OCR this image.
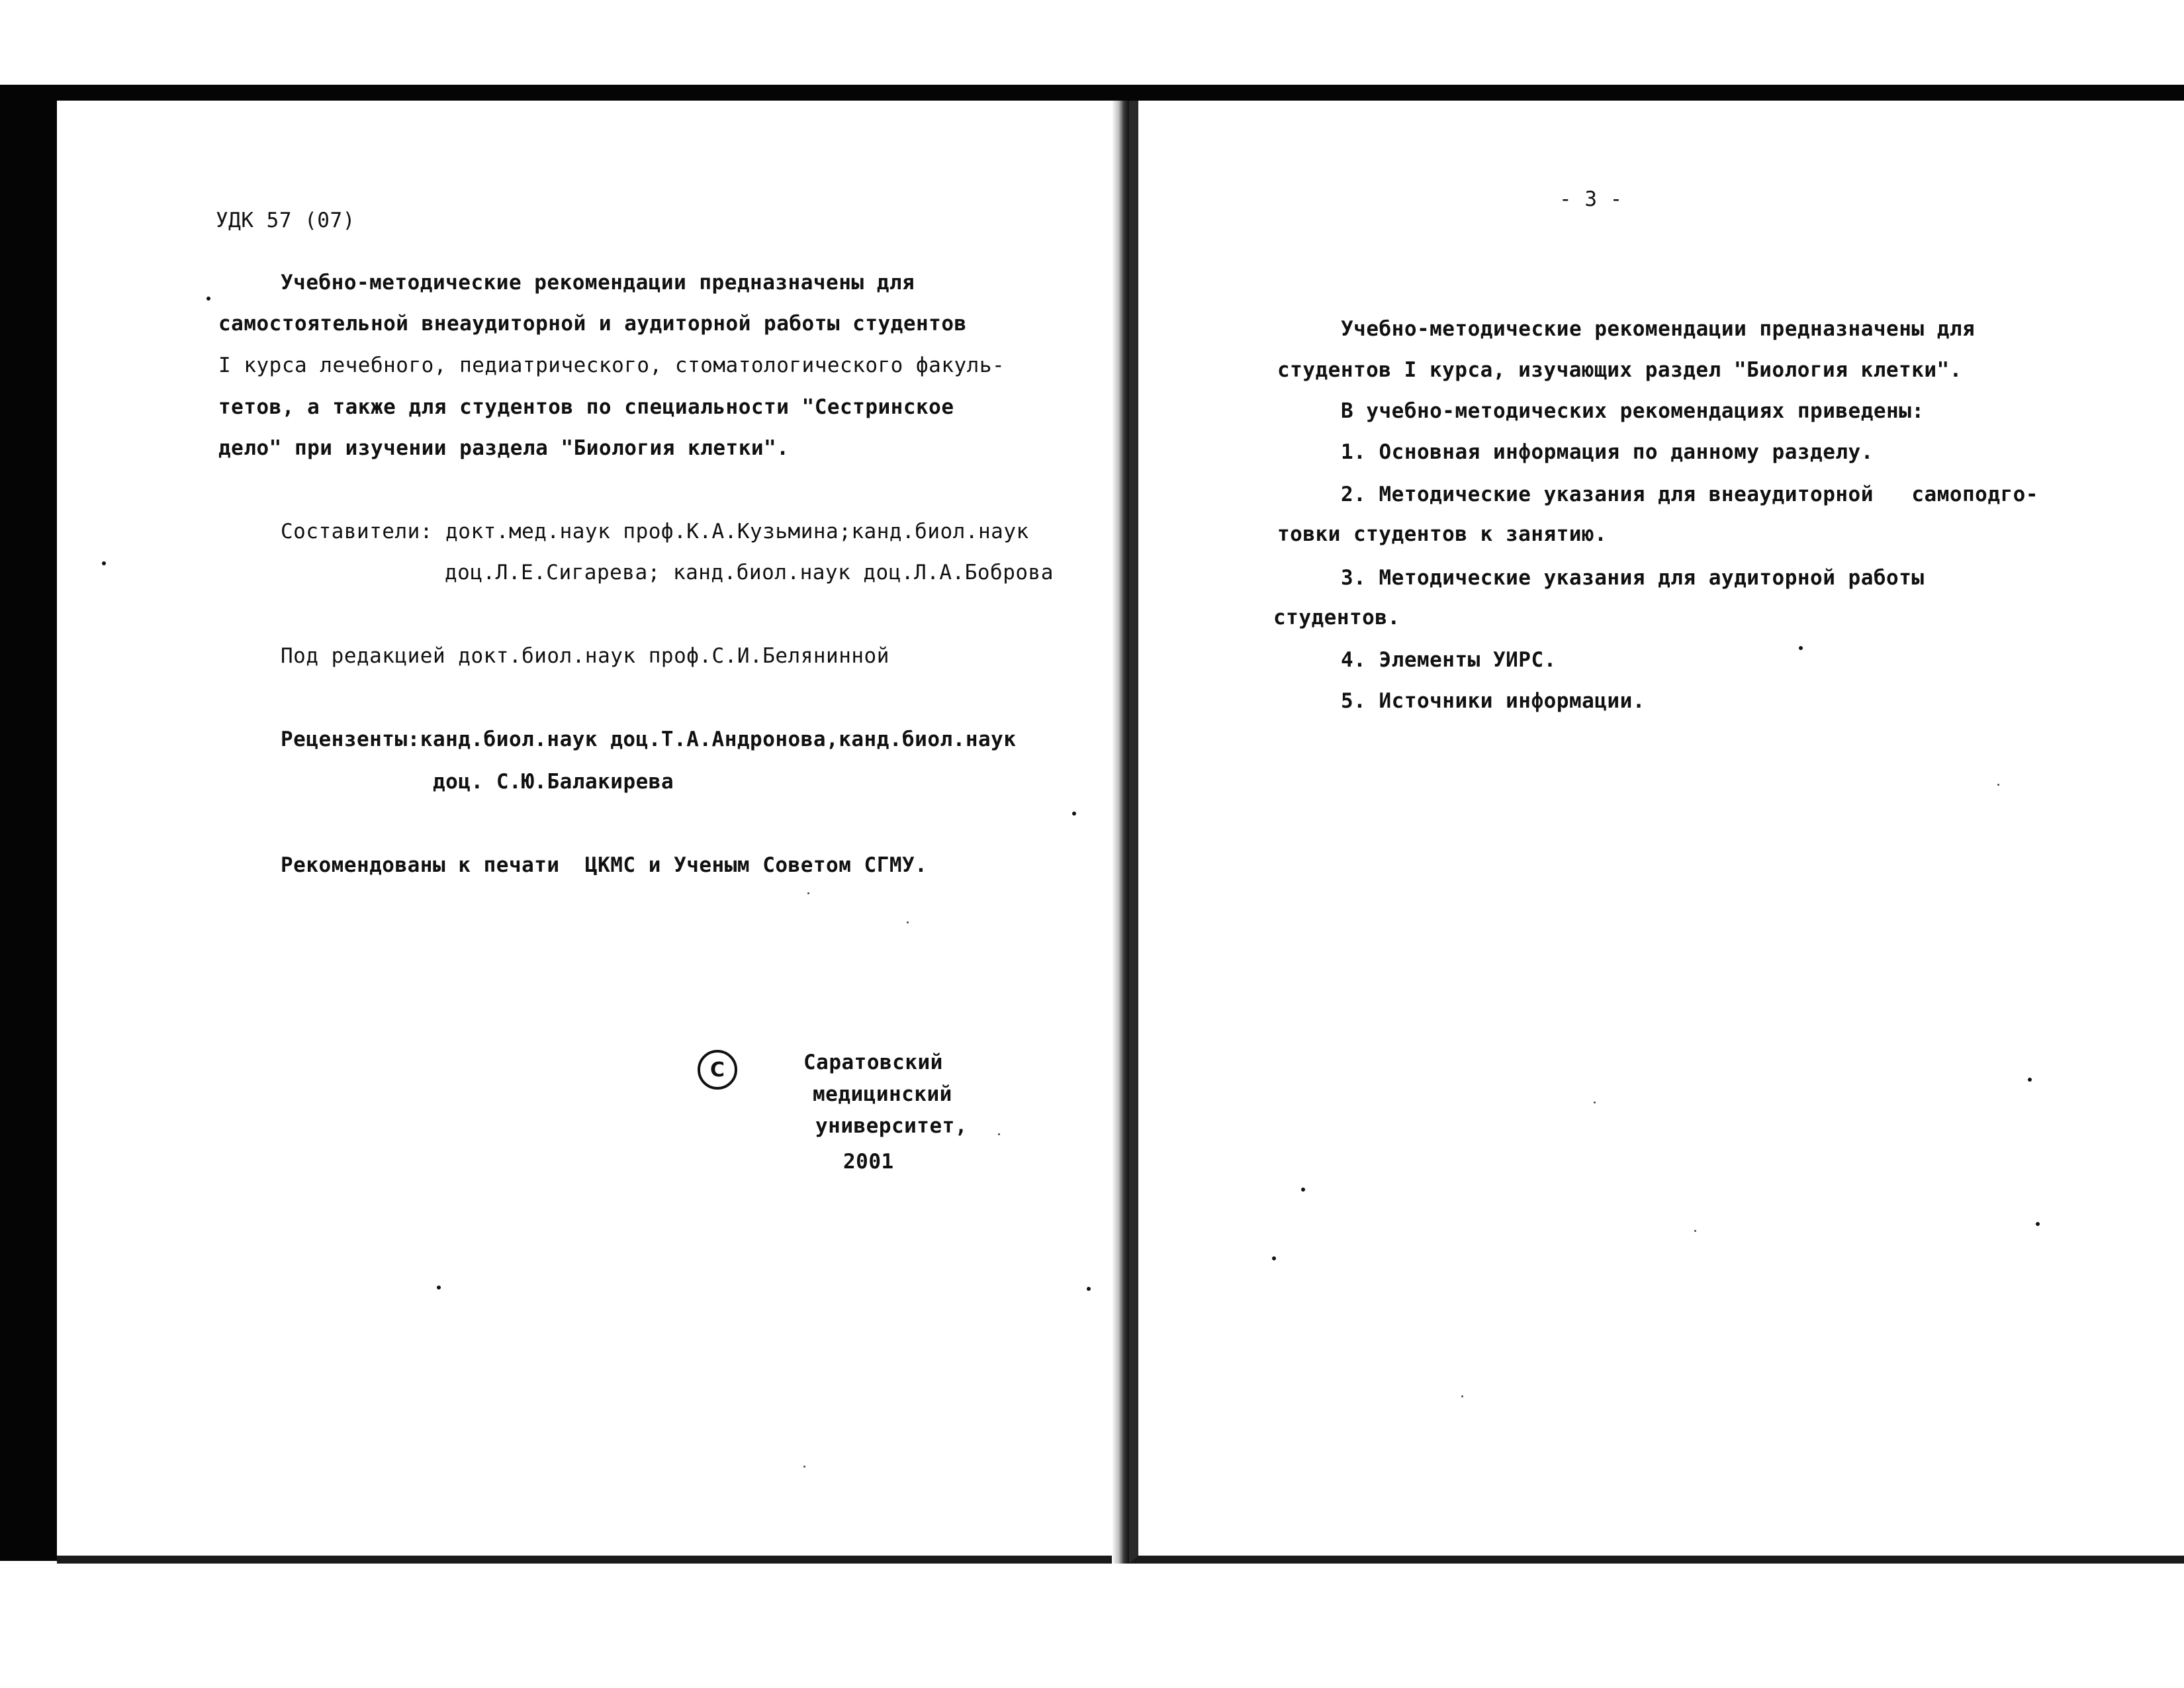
УДК 57 (07)
Учебно-методические рекомендации предназначены для
самостоятельной внеаудиторной и аудиторной работы студентов
I курса лечебного, педиатрического, стоматологического факуль-
тетов, а также для студентов по специальности "Сестринское
дело" при изучении раздела "Биология клетки".
Составители: докт.мед.наук проф.К.А.Кузьмина;канд.биол.наук
доц.Л.Е.Сигарева; канд.биол.наук доц.Л.А.Боброва
Под редакцией докт.биол.наук проф.С.И.Белянинной
Рецензенты:канд.биол.наук доц.Т.А.Андронова,канд.биол.наук
доц. С.Ю.Балакирева
Рекомендованы к печати  ЦКМС и Ученым Советом СГМУ.
C	Саратовский
медицинский
университет,
2001
- 3 -
Учебно-методические рекомендации предназначены для
студентов I курса, изучающих раздел "Биология клетки".
В учебно-методических рекомендациях приведены:
1. Основная информация по данному разделу.
2. Методические указания для внеаудиторной   самоподго-
товки студентов к занятию.
3. Методические указания для аудиторной работы
студентов.
4. Элементы УИРС.
5. Источники информации.
